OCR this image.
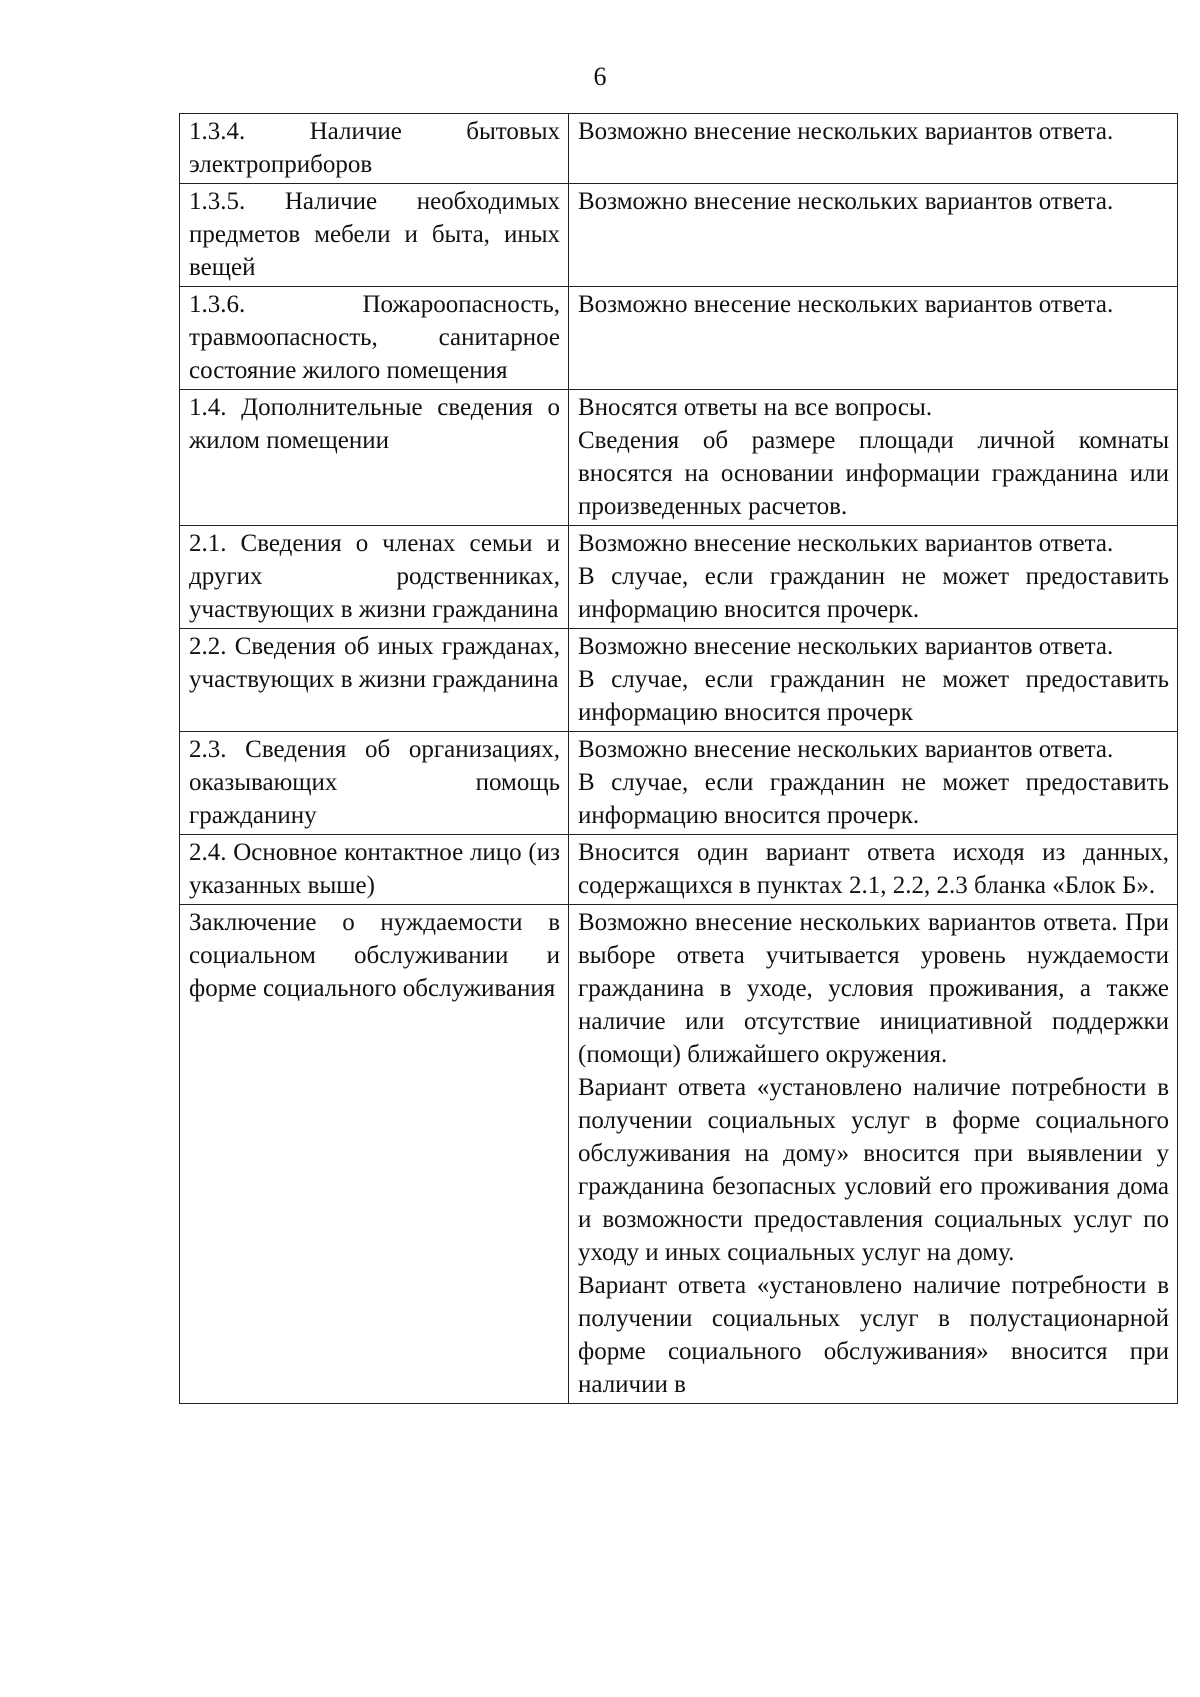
6
1.3.4. Наличие бытовых электроприборов	Возможно внесение нескольких вариантов ответа.

1.3.5. Наличие необходимых предметов мебели и быта, иных вещей	Возможно внесение нескольких вариантов ответа.

1.3.6. Пожароопасность, травмоопасность, санитарное состояние жилого помещения	Возможно внесение нескольких вариантов ответа.

1.4. Дополнительные сведения о жилом помещении	Вносятся ответы на все вопросы.
Сведения об размере площади личной комнаты вносятся на основании информации гражданина или произведенных расчетов.

2.1. Сведения о членах семьи и других родственниках, участвующих в жизни гражданина	Возможно внесение нескольких вариантов ответа.
В случае, если гражданин не может предоставить информацию вносится прочерк.

2.2. Сведения об иных гражданах, участвующих в жизни гражданина	Возможно внесение нескольких вариантов ответа.
В случае, если гражданин не может предоставить информацию вносится прочерк

2.3. Сведения об организациях, оказывающих помощь гражданину	Возможно внесение нескольких вариантов ответа.
В случае, если гражданин не может предоставить информацию вносится прочерк.

2.4. Основное контактное лицо (из указанных выше)	Вносится один вариант ответа исходя из данных, содержащихся в пунктах 2.1, 2.2, 2.3 бланка «Блок Б».

Заключение о нуждаемости в социальном обслуживании и форме социального обслуживания	Возможно внесение нескольких вариантов ответа. При выборе ответа учитывается уровень нуждаемости гражданина в уходе, условия проживания, а также наличие или отсутствие инициативной поддержки (помощи) ближайшего окружения.
Вариант ответа «установлено наличие потребности в получении социальных услуг в форме социального обслуживания на дому» вносится при выявлении у гражданина безопасных условий его проживания дома и возможности предоставления социальных услуг по уходу и иных социальных услуг на дому.
Вариант ответа «установлено наличие потребности в получении социальных услуг в полустационарной форме социального обслуживания» вносится при наличии в
